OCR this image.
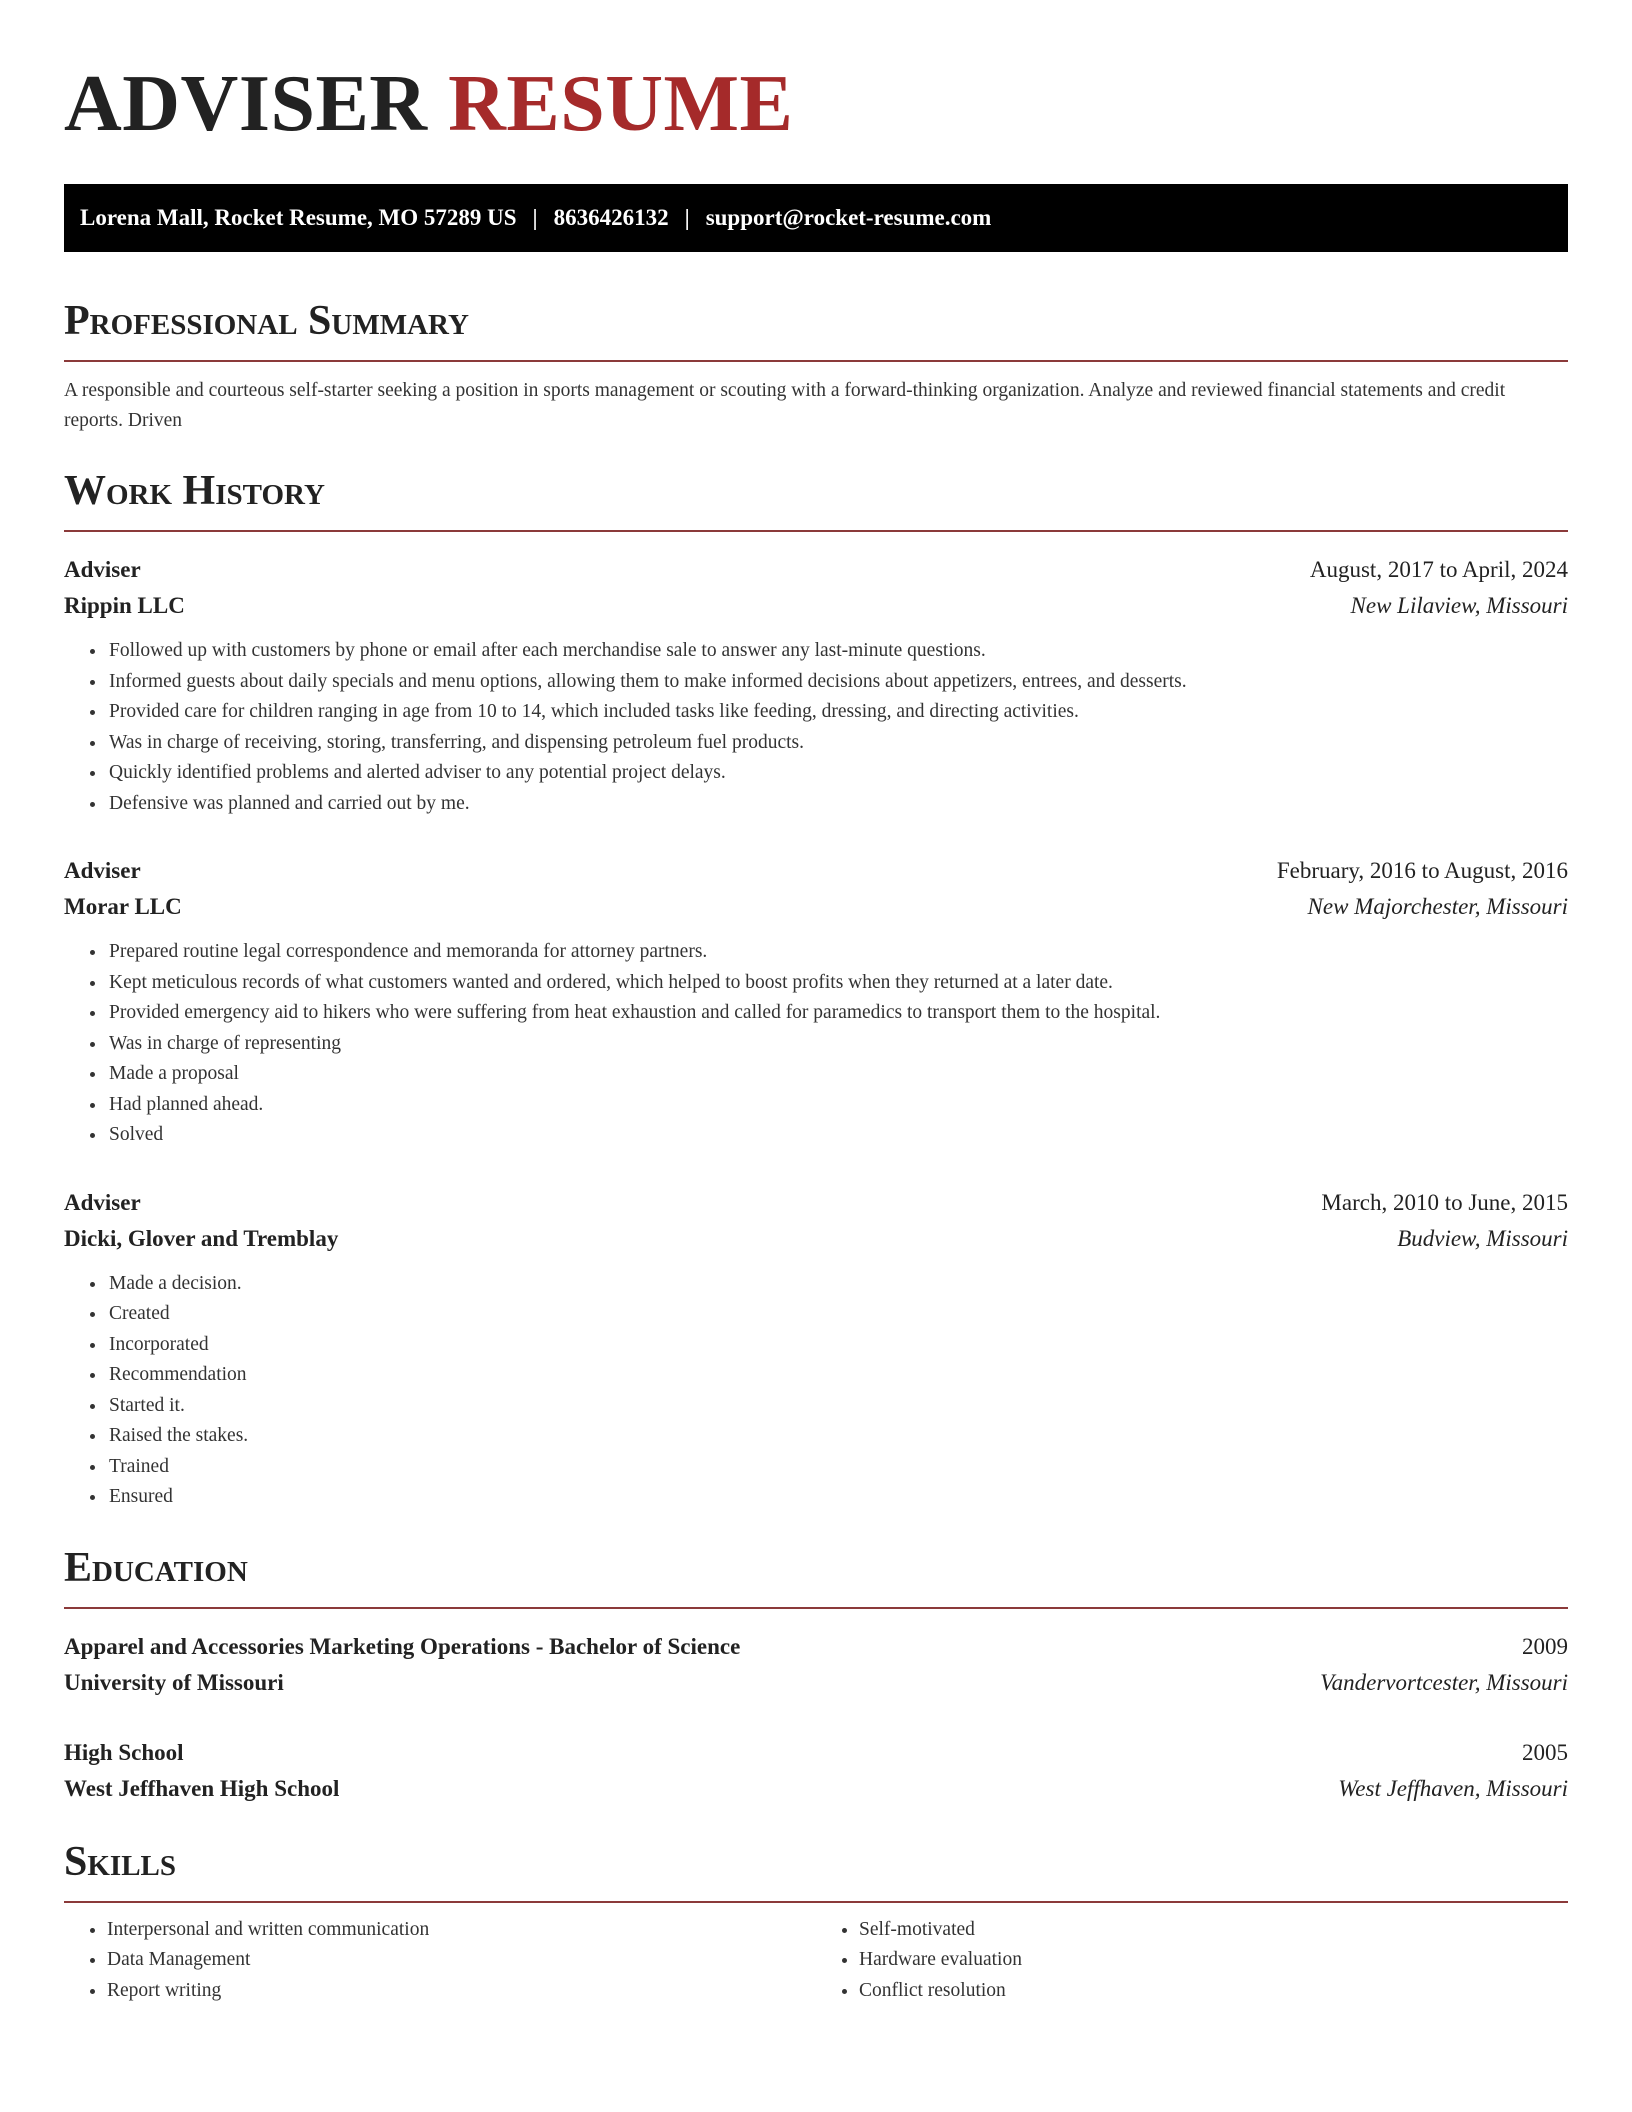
ADVISER RESUME
Lorena Mall, Rocket Resume, MO 57289 US | 8636426132 | support@rocket-resume.com
Professional Summary

A responsible and courteous self-starter seeking a position in sports management or scouting with a forward-thinking organization. Analyze and reviewed financial statements and credit reports. Driven

Work History
Adviser	August, 2017 to April, 2024
Rippin LLC	New Lilaview, Missouri
• Followed up with customers by phone or email after each merchandise sale to answer any last-minute questions.
• Informed guests about daily specials and menu options, allowing them to make informed decisions about appetizers, entrees, and desserts.
• Provided care for children ranging in age from 10 to 14, which included tasks like feeding, dressing, and directing activities.
• Was in charge of receiving, storing, transferring, and dispensing petroleum fuel products.
• Quickly identified problems and alerted adviser to any potential project delays.
• Defensive was planned and carried out by me.
Adviser	February, 2016 to August, 2016
Morar LLC	New Majorchester, Missouri
• Prepared routine legal correspondence and memoranda for attorney partners.
• Kept meticulous records of what customers wanted and ordered, which helped to boost profits when they returned at a later date.
• Provided emergency aid to hikers who were suffering from heat exhaustion and called for paramedics to transport them to the hospital.
• Was in charge of representing
• Made a proposal
• Had planned ahead.
• Solved
Adviser	March, 2010 to June, 2015
Dicki, Glover and Tremblay	Budview, Missouri
• Made a decision.
• Created
• Incorporated
• Recommendation
• Started it.
• Raised the stakes.
• Trained
• Ensured
Education
Apparel and Accessories Marketing Operations - Bachelor of Science	2009
University of Missouri	Vandervortcester, Missouri
High School	2005
West Jeffhaven High School	West Jeffhaven, Missouri
Skills
• Interpersonal and written communication
• Data Management
• Report writing
• Self-motivated
• Hardware evaluation
• Conflict resolution
